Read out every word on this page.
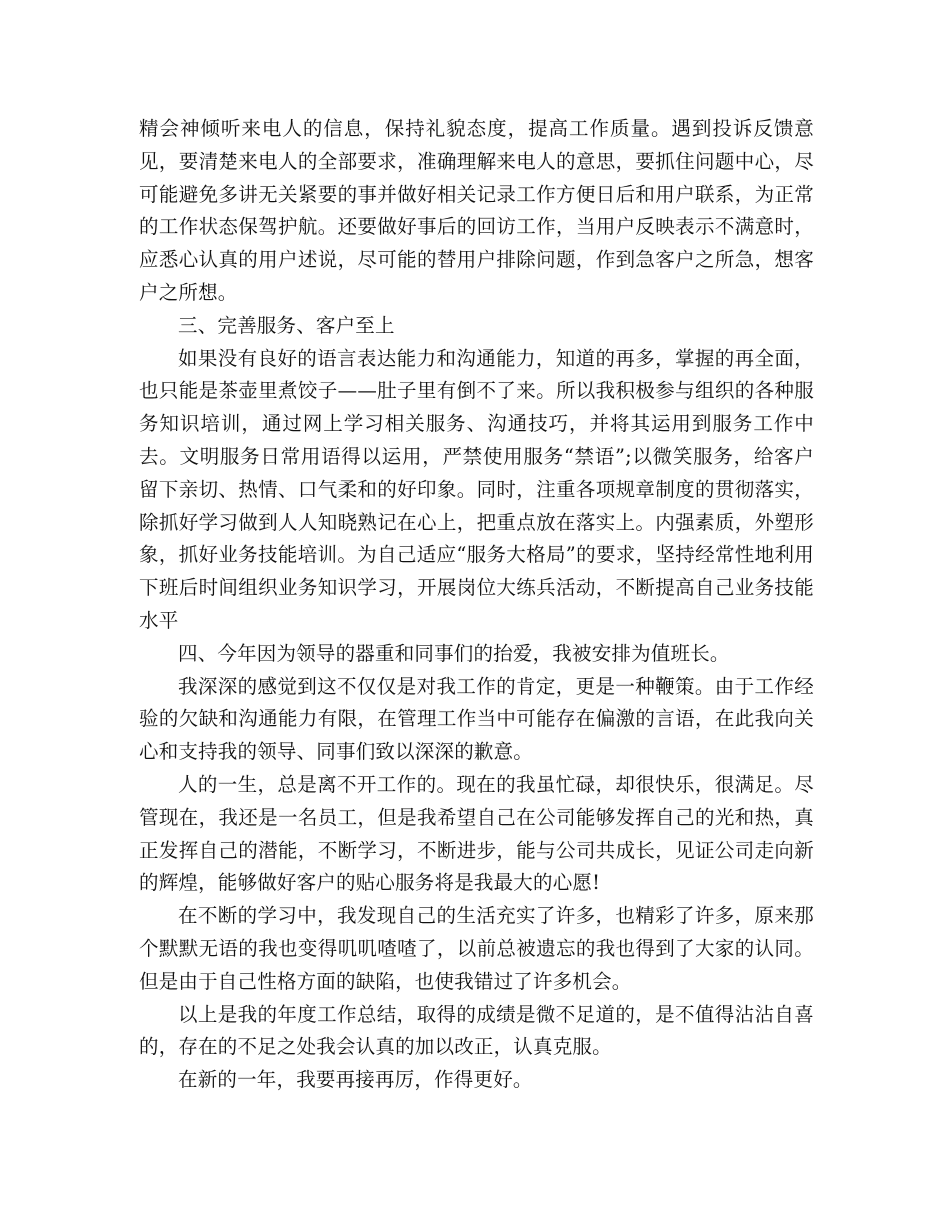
精会神倾听来电人的信息，保持礼貌态度，提高工作质量。遇到投诉反馈意见，要清楚来电人的全部要求，准确理解来电人的意思，要抓住问题中心，尽可能避免多讲无关紧要的事并做好相关记录工作方便日后和用户联系，为正常的工作状态保驾护航。还要做好事后的回访工作，当用户反映表示不满意时，应悉心认真的用户述说，尽可能的替用户排除问题，作到急客户之所急，想客户之所想。

三、完善服务、客户至上

如果没有良好的语言表达能力和沟通能力，知道的再多，掌握的再全面，也只能是茶壶里煮饺子——肚子里有倒不了来。所以我积极参与组织的各种服务知识培训，通过网上学习相关服务、沟通技巧，并将其运用到服务工作中去。文明服务日常用语得以运用，严禁使用服务“禁语”;以微笑服务，给客户留下亲切、热情、口气柔和的好印象。同时，注重各项规章制度的贯彻落实，除抓好学习做到人人知晓熟记在心上，把重点放在落实上。内强素质，外塑形象，抓好业务技能培训。为自己适应“服务大格局”的要求，坚持经常性地利用下班后时间组织业务知识学习，开展岗位大练兵活动，不断提高自己业务技能水平

四、今年因为领导的器重和同事们的抬爱，我被安排为值班长。

我深深的感觉到这不仅仅是对我工作的肯定，更是一种鞭策。由于工作经验的欠缺和沟通能力有限，在管理工作当中可能存在偏激的言语，在此我向关心和支持我的领导、同事们致以深深的歉意。

人的一生，总是离不开工作的。现在的我虽忙碌，却很快乐，很满足。尽管现在，我还是一名员工，但是我希望自己在公司能够发挥自己的光和热，真正发挥自己的潜能，不断学习，不断进步，能与公司共成长，见证公司走向新的辉煌，能够做好客户的贴心服务将是我最大的心愿!

在不断的学习中，我发现自己的生活充实了许多，也精彩了许多，原来那个默默无语的我也变得叽叽喳喳了，以前总被遗忘的我也得到了大家的认同。但是由于自己性格方面的缺陷，也使我错过了许多机会。

以上是我的年度工作总结，取得的成绩是微不足道的，是不值得沾沾自喜的，存在的不足之处我会认真的加以改正，认真克服。

在新的一年，我要再接再厉，作得更好。
